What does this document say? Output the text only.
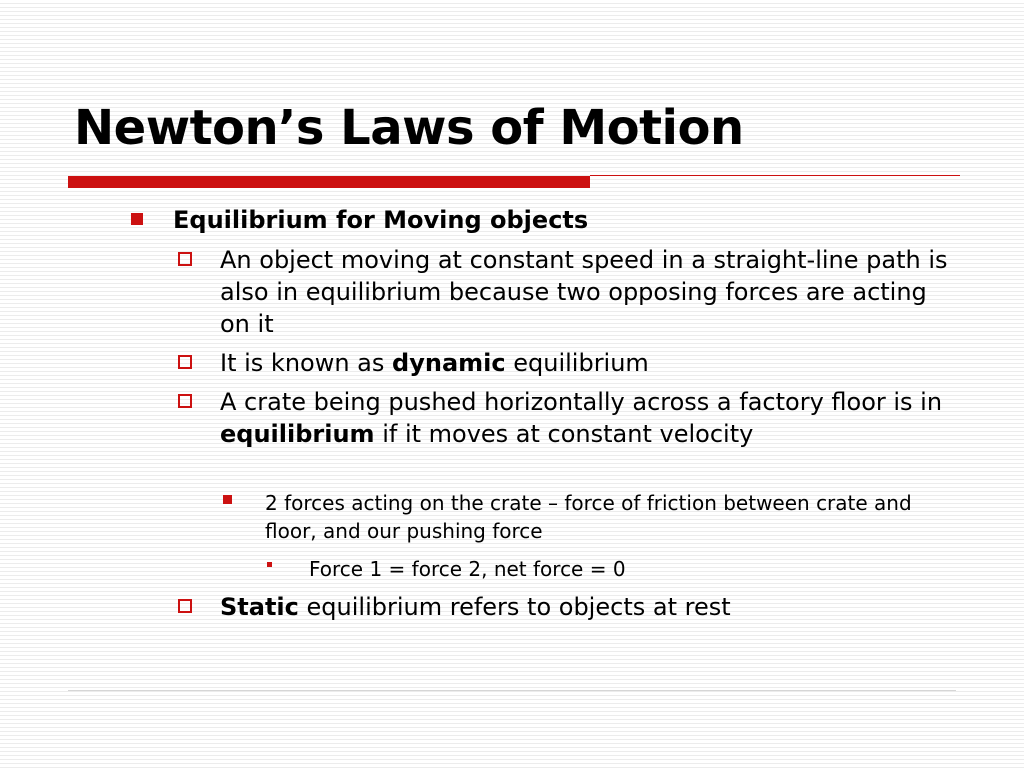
Newton’s Laws of Motion
Equilibrium for Moving objects
An object moving at constant speed in a straight-line path is also in equilibrium because two opposing forces are acting on it
It is known as dynamic equilibrium
A crate being pushed horizontally across a factory floor is in equilibrium if it moves at constant velocity
2 forces acting on the crate – force of friction between crate and floor, and our pushing force
Force 1 = force 2, net force = 0
Static equilibrium refers to objects at rest
